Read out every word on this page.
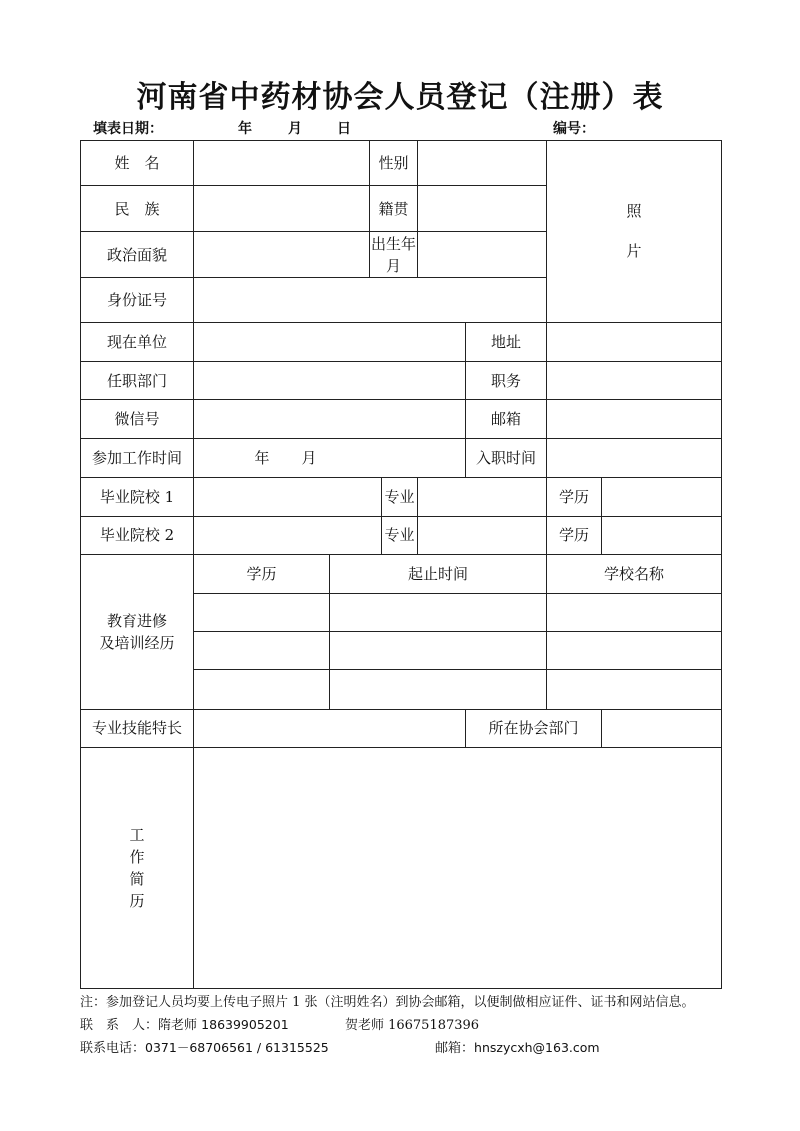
河南省中药材协会人员登记（注册）表
填表日期：	年	月	日	编号：
姓　名			性别				照
片	

民　族			籍贯					
政治面貌			出生年月					
身份证号								
现在单位						地址		
任职部门						职务		
微信号						邮箱		
参加工作时间	年 月					入职时间		
毕业院校 1				专业			学历	
毕业院校 2				专业			学历	

教育进修
及培训经历	学历	起止时间					学校名称	

专业技能特长						所在协会部门		

工
作
简
历								

注：参加登记人员均要上传电子照片 1 张（注明姓名）到协会邮箱，以便制做相应证件、证书和网站信息。
联　系　人：隋老师 18639905201	贺老师 16675187396
联系电话：0371－68706561 / 61315525	邮箱：hnszycxh@163.com
